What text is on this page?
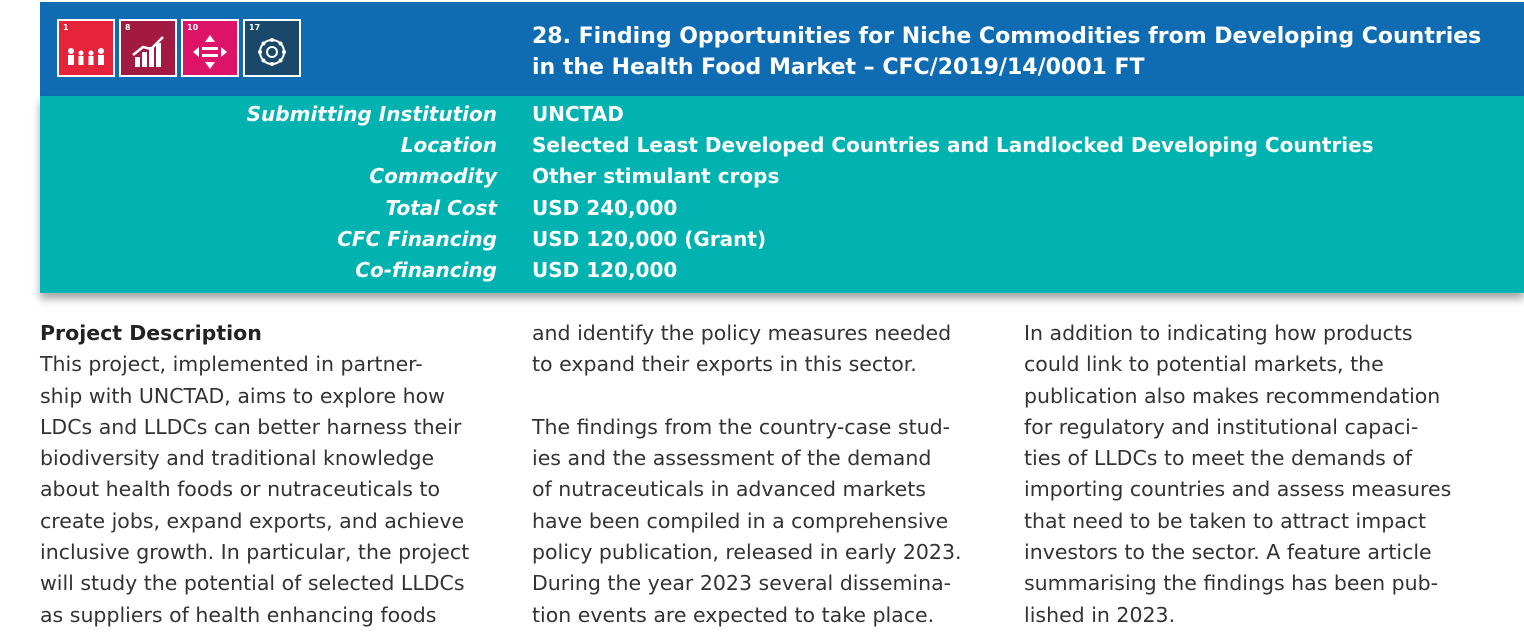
1	8	10	17	28. Finding Opportunities for Niche Commodities from Developing Countries
in the Health Food Market – CFC/2019/14/0001 FT
Submitting Institution UNCTAD
Location Selected Least Developed Countries and Landlocked Developing Countries
Commodity Other stimulant crops
Total Cost USD 240,000
CFC Financing USD 120,000 (Grant)
Co-financing USD 120,000
Project Description
This project, implemented in partner-
ship with UNCTAD, aims to explore how
LDCs and LLDCs can better harness their
biodiversity and traditional knowledge
about health foods or nutraceuticals to
create jobs, expand exports, and achieve
inclusive growth. In particular, the project
will study the potential of selected LLDCs
as suppliers of health enhancing foods
and identify the policy measures needed
to expand their exports in this sector.
The findings from the country-case stud-
ies and the assessment of the demand
of nutraceuticals in advanced markets
have been compiled in a comprehensive
policy publication, released in early 2023.
During the year 2023 several dissemina-
tion events are expected to take place.
In addition to indicating how products
could link to potential markets, the
publication also makes recommendation
for regulatory and institutional capaci-
ties of LLDCs to meet the demands of
importing countries and assess measures
that need to be taken to attract impact
investors to the sector. A feature article
summarising the findings has been pub-
lished in 2023.
